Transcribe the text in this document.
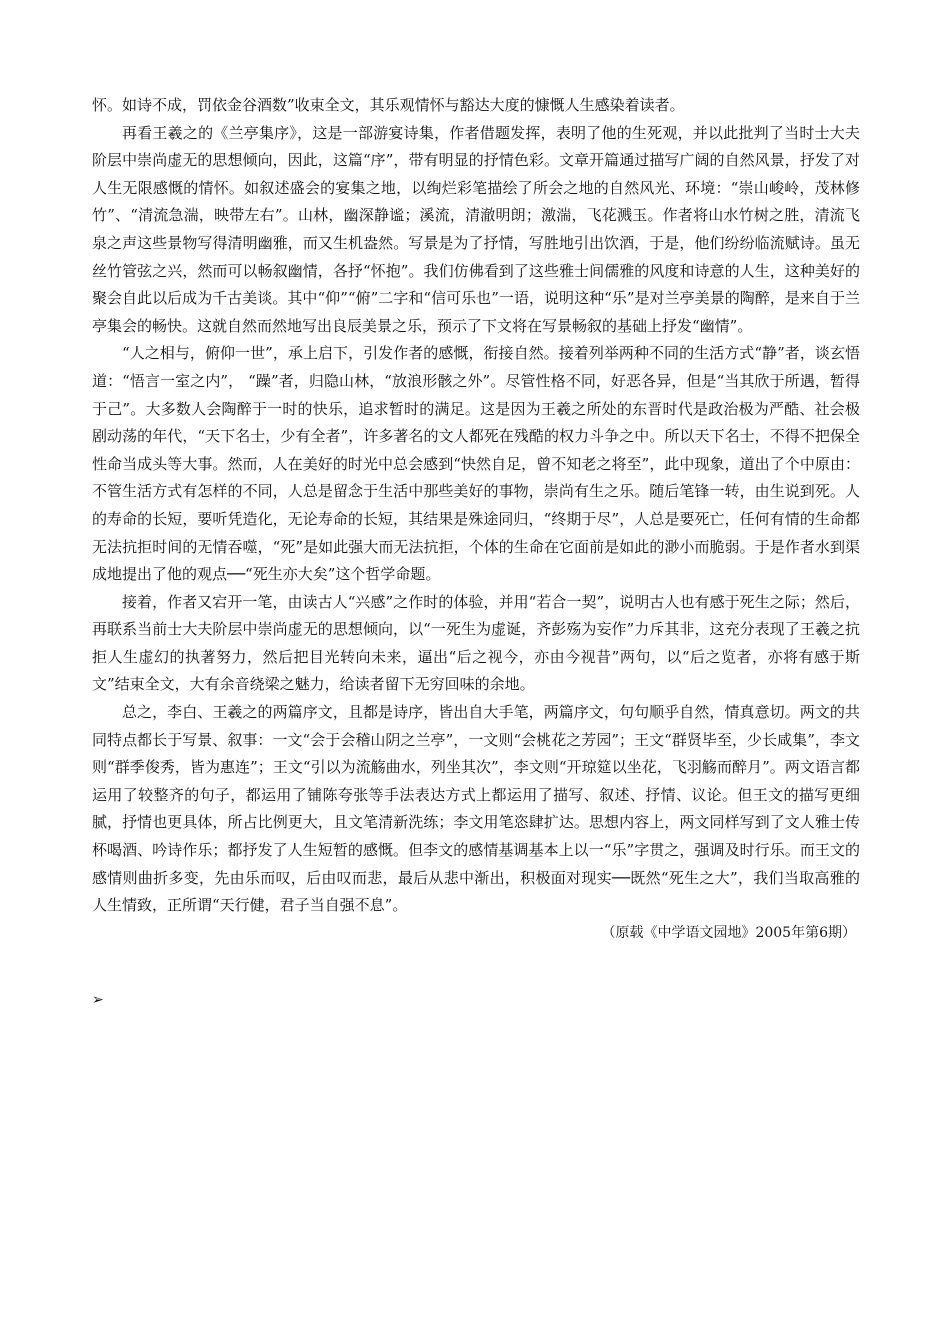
怀。如诗不成，罚依金谷酒数”收束全文，其乐观情怀与豁达大度的慷慨人生感染着读者。

再看王羲之的《兰亭集序》，这是一部游宴诗集，作者借题发挥，表明了他的生死观，并以此批判了当时士大夫阶层中崇尚虚无的思想倾向，因此，这篇“序”，带有明显的抒情色彩。文章开篇通过描写广阔的自然风景，抒发了对人生无限感慨的情怀。如叙述盛会的宴集之地，以绚烂彩笔描绘了所会之地的自然风光、环境：“崇山峻岭，茂林修竹”、“清流急湍，映带左右”。山林，幽深静谧；溪流，清澈明朗；激湍，飞花溅玉。作者将山水竹树之胜，清流飞泉之声这些景物写得清明幽雅，而又生机盎然。写景是为了抒情，写胜地引出饮酒，于是，他们纷纷临流赋诗。虽无丝竹管弦之兴，然而可以畅叙幽情，各抒“怀抱”。我们仿佛看到了这些雅士间儒雅的风度和诗意的人生，这种美好的聚会自此以后成为千古美谈。其中“仰”“俯”二字和“信可乐也”一语，说明这种“乐”是对兰亭美景的陶醉，是来自于兰亭集会的畅快。这就自然而然地写出良辰美景之乐，预示了下文将在写景畅叙的基础上抒发“幽情”。

“人之相与，俯仰一世”，承上启下，引发作者的感慨，衔接自然。接着列举两种不同的生活方式“静”者，谈玄悟道：“悟言一室之内”， “躁”者，归隐山林，“放浪形骸之外”。尽管性格不同，好恶各异，但是“当其欣于所遇，暂得于己”。大多数人会陶醉于一时的快乐，追求暂时的满足。这是因为王羲之所处的东晋时代是政治极为严酷、社会极剧动荡的年代，“天下名士，少有全者”，许多著名的文人都死在残酷的权力斗争之中。所以天下名士，不得不把保全性命当成头等大事。然而，人在美好的时光中总会感到“快然自足，曾不知老之将至”，此中现象，道出了个中原由：不管生活方式有怎样的不同，人总是留念于生活中那些美好的事物，崇尚有生之乐。随后笔锋一转，由生说到死。人的寿命的长短，要听凭造化，无论寿命的长短，其结果是殊途同归，“终期于尽”，人总是要死亡，任何有情的生命都无法抗拒时间的无情吞噬，“死”是如此强大而无法抗拒，个体的生命在它面前是如此的渺小而脆弱。于是作者水到渠成地提出了他的观点──“死生亦大矣”这个哲学命题。

接着，作者又宕开一笔，由读古人“兴感”之作时的体验，并用“若合一契”，说明古人也有感于死生之际；然后，再联系当前士大夫阶层中崇尚虚无的思想倾向，以“一死生为虚诞，齐彭殇为妄作”力斥其非，这充分表现了王羲之抗拒人生虚幻的执著努力，然后把目光转向未来，逼出“后之视今，亦由今视昔”两句，以“后之览者，亦将有感于斯文”结束全文，大有余音绕梁之魅力，给读者留下无穷回味的余地。

总之，李白、王羲之的两篇序文，且都是诗序，皆出自大手笔，两篇序文，句句顺乎自然，情真意切。两文的共同特点都长于写景、叙事：一文“会于会稽山阴之兰亭”，一文则“会桃花之芳园”；王文“群贤毕至，少长咸集”，李文则“群季俊秀，皆为惠连”；王文“引以为流觞曲水，列坐其次”，李文则“开琼筵以坐花，飞羽觞而醉月”。两文语言都运用了较整齐的句子，都运用了铺陈夸张等手法表达方式上都运用了描写、叙述、抒情、议论。但王文的描写更细腻，抒情也更具体，所占比例更大，且文笔清新洗练；李文用笔恣肆扩达。思想内容上，两文同样写到了文人雅士传杯喝酒、吟诗作乐；都抒发了人生短暂的感慨。但李文的感情基调基本上以一“乐”字贯之，强调及时行乐。而王文的感情则曲折多变，先由乐而叹，后由叹而悲，最后从悲中渐出，积极面对现实──既然“死生之大”，我们当取高雅的人生情致，正所谓“天行健，君子当自强不息”。

（原载《中学语文园地》2005年第6期）

➢
